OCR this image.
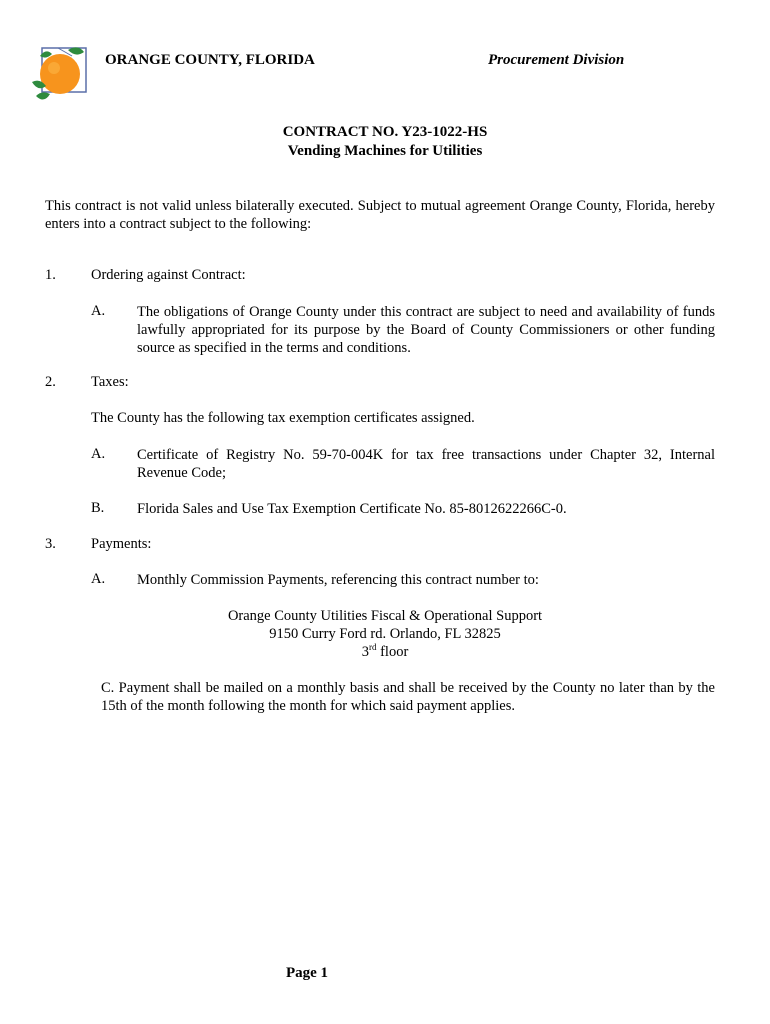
ORANGE COUNTY, FLORIDA	Procurement Division
CONTRACT NO. Y23-1022-HS
Vending Machines for Utilities
This contract is not valid unless bilaterally executed. Subject to mutual agreement Orange County, Florida, hereby enters into a contract subject to the following:
1. Ordering against Contract:
A. The obligations of Orange County under this contract are subject to need and availability of funds lawfully appropriated for its purpose by the Board of County Commissioners or other funding source as specified in the terms and conditions.
2. Taxes:
The County has the following tax exemption certificates assigned.
A. Certificate of Registry No. 59-70-004K for tax free transactions under Chapter 32, Internal Revenue Code;
B. Florida Sales and Use Tax Exemption Certificate No. 85-8012622266C-0.
3. Payments:
A. Monthly Commission Payments, referencing this contract number to:
Orange County Utilities Fiscal & Operational Support
9150 Curry Ford rd. Orlando, FL 32825
3rd floor
C. Payment shall be mailed on a monthly basis and shall be received by the County no later than by the 15th of the month following the month for which said payment applies.
Page 1
